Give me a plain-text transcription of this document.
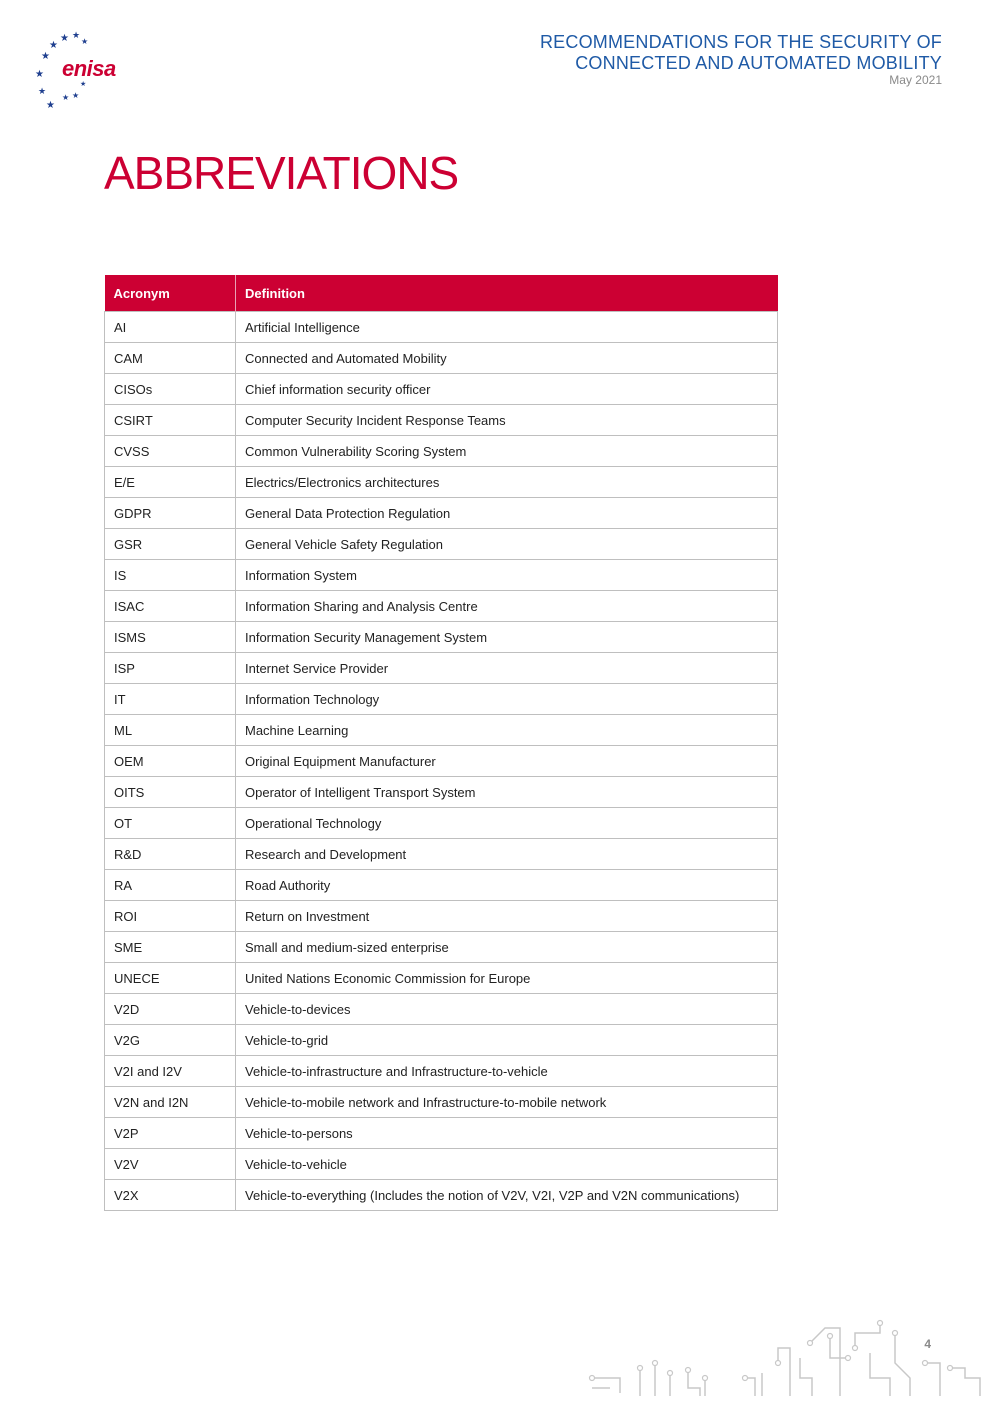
★ ★
★
★
★
★
★
★
★ ★
★
enisa
RECOMMENDATIONS FOR THE SECURITY OF
CONNECTED AND AUTOMATED MOBILITY
May 2021
ABBREVIATIONS
Acronym	Definition
AI	Artificial Intelligence
CAM	Connected and Automated Mobility
CISOs	Chief information security officer
CSIRT	Computer Security Incident Response Teams
CVSS	Common Vulnerability Scoring System
E/E	Electrics/Electronics architectures
GDPR	General Data Protection Regulation
GSR	General Vehicle Safety Regulation
IS	Information System
ISAC	Information Sharing and Analysis Centre
ISMS	Information Security Management System
ISP	Internet Service Provider
IT	Information Technology
ML	Machine Learning
OEM	Original Equipment Manufacturer
OITS	Operator of Intelligent Transport System
OT	Operational Technology
R&D	Research and Development
RA	Road Authority
ROI	Return on Investment
SME	Small and medium-sized enterprise
UNECE	United Nations Economic Commission for Europe
V2D	Vehicle-to-devices
V2G	Vehicle-to-grid
V2I and I2V	Vehicle-to-infrastructure and Infrastructure-to-vehicle
V2N and I2N	Vehicle-to-mobile network and Infrastructure-to-mobile network
V2P	Vehicle-to-persons
V2V	Vehicle-to-vehicle
V2X	Vehicle-to-everything (Includes the notion of V2V, V2I, V2P and V2N communications)
4
